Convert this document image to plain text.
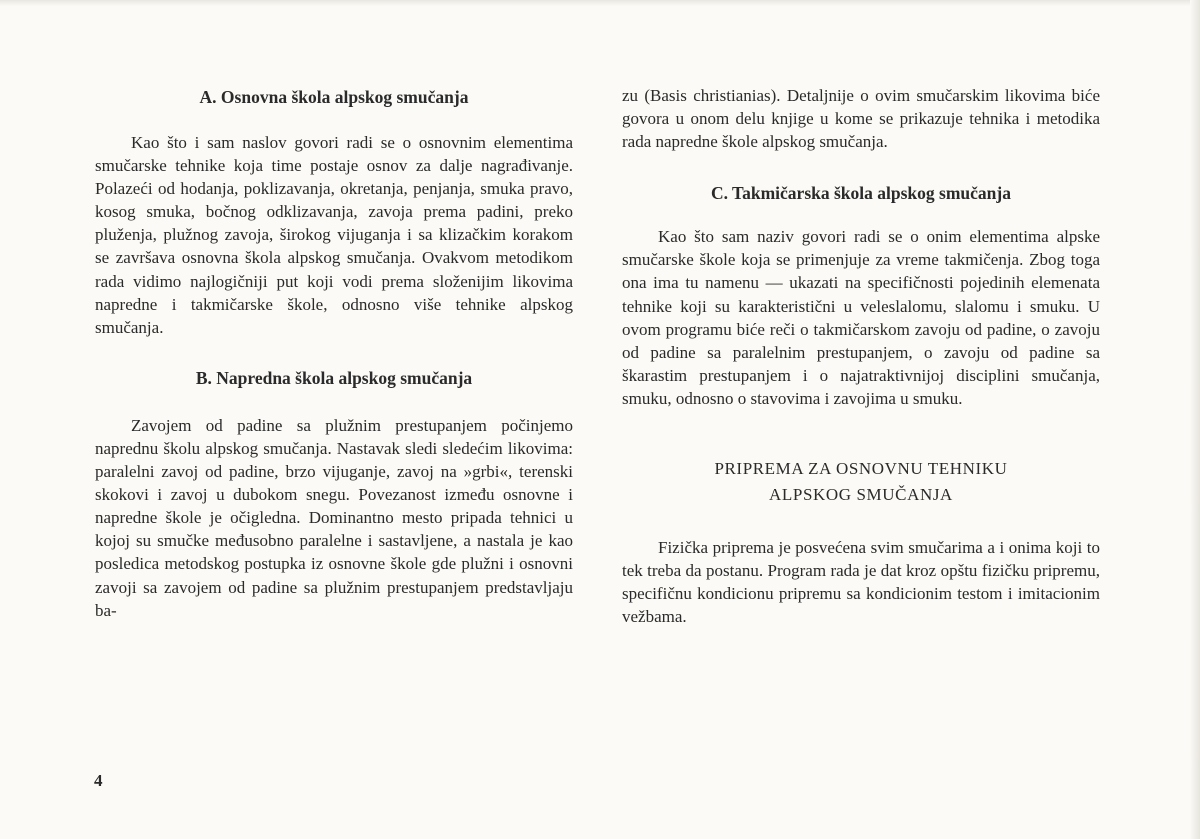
A. Osnovna škola alpskog smučanja

Kao što i sam naslov govori radi se o osnovnim elementima smučarske tehnike koja time postaje osnov za dalje nagrađivanje. Polazeći od hodanja, poklizavanja, okretanja, penjanja, smuka pravo, kosog smuka, bočnog odklizavanja, zavoja prema padini, preko pluženja, plužnog zavoja, širokog vijuganja i sa klizačkim korakom se završava osnovna škola alpskog smučanja. Ovakvom metodikom rada vidimo najlogičniji put koji vodi prema složenijim likovima napredne i takmičarske škole, odnosno više tehnike alpskog smučanja.

B. Napredna škola alpskog smučanja

Zavojem od padine sa plužnim prestupanjem počinjemo naprednu školu alpskog smučanja. Nastavak sledi sledećim likovima: paralelni zavoj od padine, brzo vijuganje, zavoj na »grbi«, terenski skokovi i zavoj u dubokom snegu. Povezanost između osnovne i napredne škole je očigledna. Dominantno mesto pripada tehnici u kojoj su smučke međusobno paralelne i sastavljene, a nastala je kao posledica metodskog postupka iz osnovne škole gde plužni i osnovni zavoji sa zavojem od padine sa plužnim prestupanjem predstavljaju ba-

zu (Basis christianias). Detaljnije o ovim smučarskim likovima biće govora u onom delu knjige u kome se prikazuje tehnika i metodika rada napredne škole alpskog smučanja.

C. Takmičarska škola alpskog smučanja

Kao što sam naziv govori radi se o onim elementima alpske smučarske škole koja se primenjuje za vreme takmičenja. Zbog toga ona ima tu namenu — ukazati na specifičnosti pojedinih elemenata tehnike koji su karakteristični u veleslalomu, slalomu i smuku. U ovom programu biće reči o takmičarskom zavoju od padine, o zavoju od padine sa paralelnim prestupanjem, o zavoju od padine sa škarastim prestupanjem i o najatraktivnijoj disciplini smučanja, smuku, odnosno o stavovima i zavojima u smuku.

PRIPREMA ZA OSNOVNU TEHNIKU

ALPSKOG SMUČANJA

Fizička priprema je posvećena svim smučarima a i onima koji to tek treba da postanu. Program rada je dat kroz opštu fizičku pripremu, specifičnu kondicionu pripremu sa kondicionim testom i imitacionim vežbama.

4
